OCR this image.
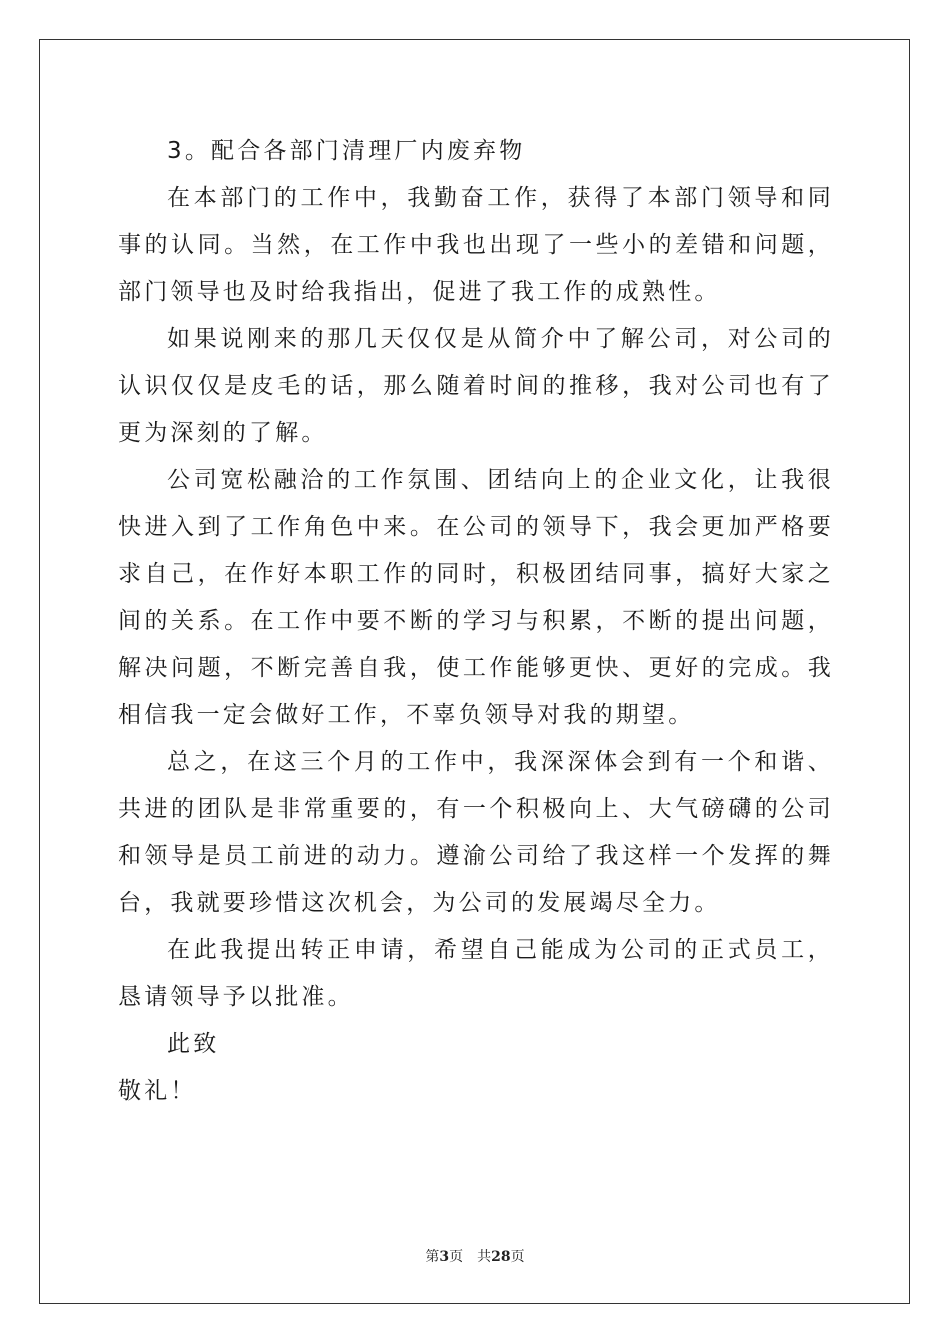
3。配合各部门清理厂内废弃物

在本部门的工作中，我勤奋工作，获得了本部门领导和同事的认同。当然，在工作中我也出现了一些小的差错和问题，部门领导也及时给我指出，促进了我工作的成熟性。

如果说刚来的那几天仅仅是从简介中了解公司，对公司的认识仅仅是皮毛的话，那么随着时间的推移，我对公司也有了更为深刻的了解。

公司宽松融洽的工作氛围、团结向上的企业文化，让我很快进入到了工作角色中来。在公司的领导下，我会更加严格要求自己，在作好本职工作的同时，积极团结同事，搞好大家之间的关系。在工作中要不断的学习与积累，不断的提出问题，解决问题，不断完善自我，使工作能够更快、更好的完成。我相信我一定会做好工作，不辜负领导对我的期望。

总之，在这三个月的工作中，我深深体会到有一个和谐、共进的团队是非常重要的，有一个积极向上、大气磅礴的公司和领导是员工前进的动力。遵渝公司给了我这样一个发挥的舞台，我就要珍惜这次机会，为公司的发展竭尽全力。

在此我提出转正申请，希望自己能成为公司的正式员工，恳请领导予以批准。

此致

敬礼！

第3页 共28页
